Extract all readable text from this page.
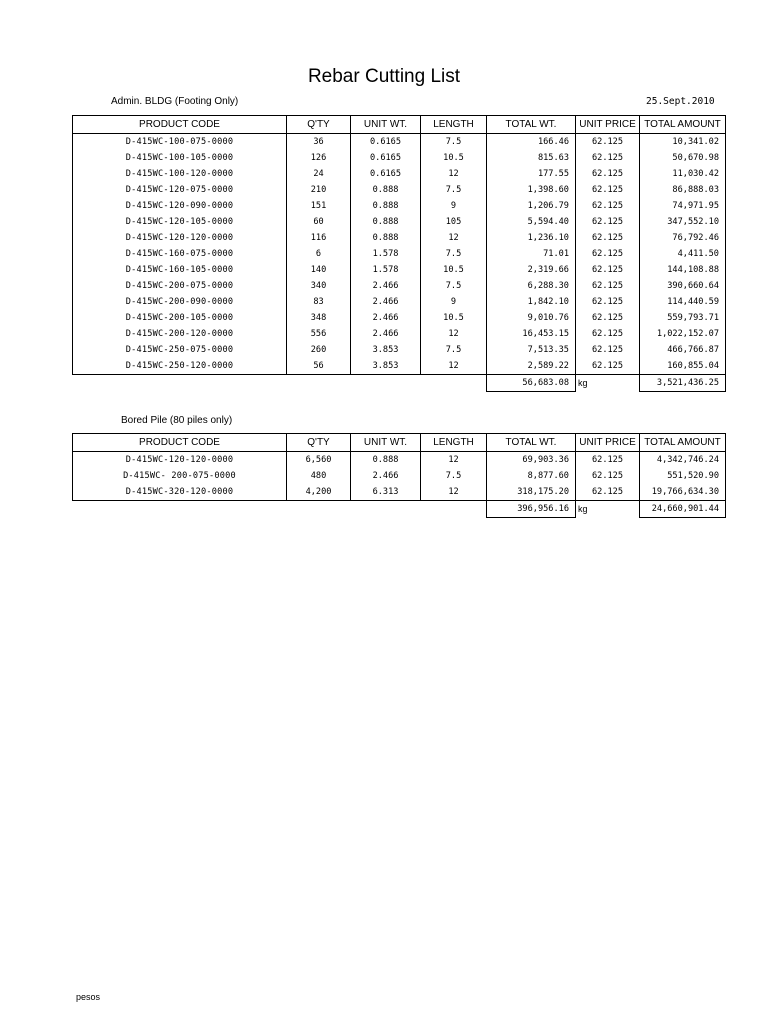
Rebar Cutting List
Admin. BLDG (Footing Only)	25.Sept.2010
PRODUCT CODE	Q'TY	UNIT WT.	LENGTH	TOTAL WT.	UNIT PRICE	TOTAL AMOUNT
D-415WC-100-075-0000	36	0.6165	7.5	166.46	62.125	10,341.02
D-415WC-100-105-0000	126	0.6165	10.5	815.63	62.125	50,670.98
D-415WC-100-120-0000	24	0.6165	12	177.55	62.125	11,030.42
D-415WC-120-075-0000	210	0.888	7.5	1,398.60	62.125	86,888.03
D-415WC-120-090-0000	151	0.888	9	1,206.79	62.125	74,971.95
D-415WC-120-105-0000	60	0.888	105	5,594.40	62.125	347,552.10
D-415WC-120-120-0000	116	0.888	12	1,236.10	62.125	76,792.46
D-415WC-160-075-0000	6	1.578	7.5	71.01	62.125	4,411.50
D-415WC-160-105-0000	140	1.578	10.5	2,319.66	62.125	144,108.88
D-415WC-200-075-0000	340	2.466	7.5	6,288.30	62.125	390,660.64
D-415WC-200-090-0000	83	2.466	9	1,842.10	62.125	114,440.59
D-415WC-200-105-0000	348	2.466	10.5	9,010.76	62.125	559,793.71
D-415WC-200-120-0000	556	2.466	12	16,453.15	62.125	1,022,152.07
D-415WC-250-075-0000	260	3.853	7.5	7,513.35	62.125	466,766.87
D-415WC-250-120-0000	56	3.853	12	2,589.22	62.125	160,855.04
				56,683.08	kg	3,521,436.25
Bored Pile (80 piles only)
PRODUCT CODE	Q'TY	UNIT WT.	LENGTH	TOTAL WT.	UNIT PRICE	TOTAL AMOUNT
D-415WC-120-120-0000	6,560	0.888	12	69,903.36	62.125	4,342,746.24
D-415WC- 200-075-0000	480	2.466	7.5	8,877.60	62.125	551,520.90
D-415WC-320-120-0000	4,200	6.313	12	318,175.20	62.125	19,766,634.30
				396,956.16	kg	24,660,901.44
pesos
